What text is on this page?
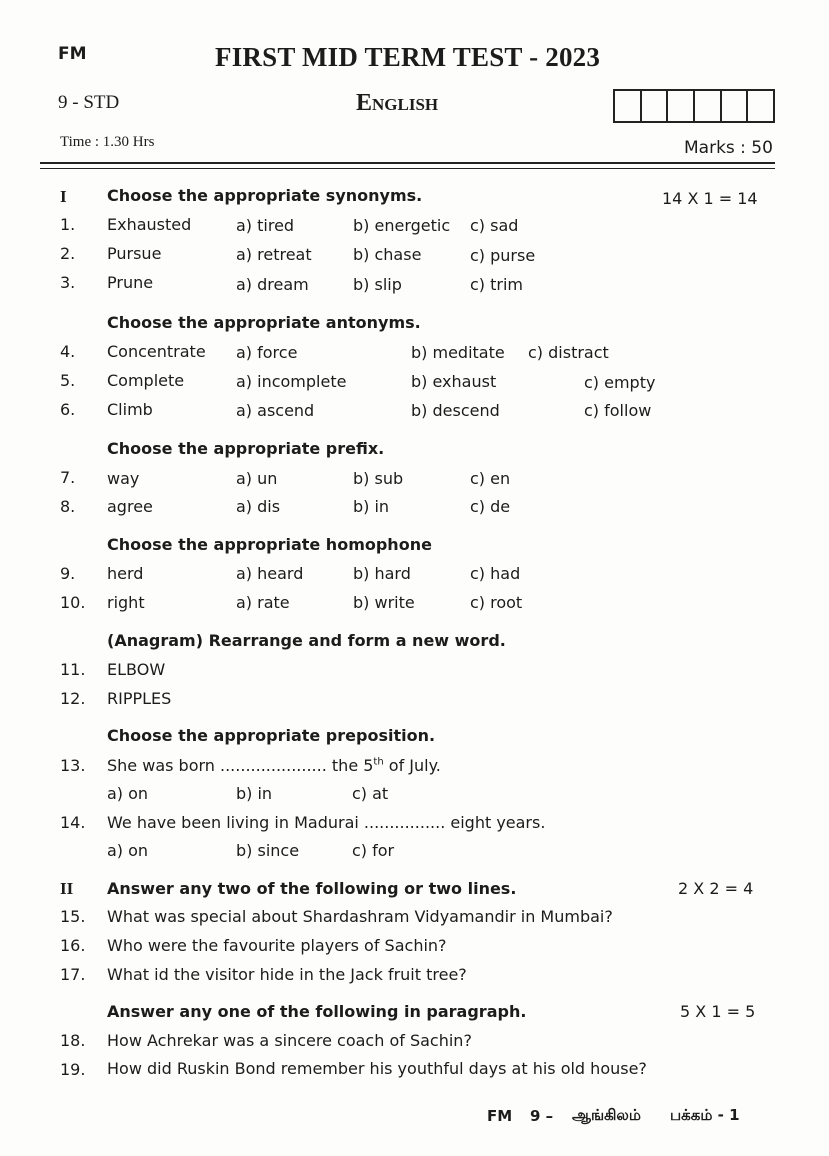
FM	FIRST MID TERM TEST - 2023
9 - STD	English
Time : 1.30 Hrs	Marks : 50
I	Choose the appropriate synonyms.	14 X 1 = 14
1. Exhausted	a) tired	b) energetic c) sad
2. Pursue	a) retreat	b) chase	c) purse
3. Prune	a) dream	b) slip	c) trim
Choose the appropriate antonyms.
4. Concentrate a) force	b) meditate c) distract
5. Complete	a) incomplete	b) exhaust	c) empty
6. Climb	a) ascend	b) descend	c) follow
Choose the appropriate prefix.
7. way	a) un	b) sub	c) en
8. agree	a) dis	b) in	c) de
Choose the appropriate homophone
9. herd	a) heard	b) hard	c) had
10. right	a) rate	b) write	c) root
(Anagram) Rearrange and form a new word.
11. ELBOW
12. RIPPLES
Choose the appropriate preposition.
13. She was born ..................... the 5th of July.
a) on	b) in	c) at
14. We have been living in Madurai ................ eight years.
a) on	b) since	c) for
II Answer any two of the following or two lines.	2 X 2 = 4
15. What was special about Shardashram Vidyamandir in Mumbai?
16. Who were the favourite players of Sachin?
17. What id the visitor hide in the Jack fruit tree?
Answer any one of the following in paragraph.	5 X 1 = 5
18. How Achrekar was a sincere coach of Sachin?
19. How did Ruskin Bond remember his youthful days at his old house?
FM 9 – ஆங்கிலம் பக்கம் - 1
